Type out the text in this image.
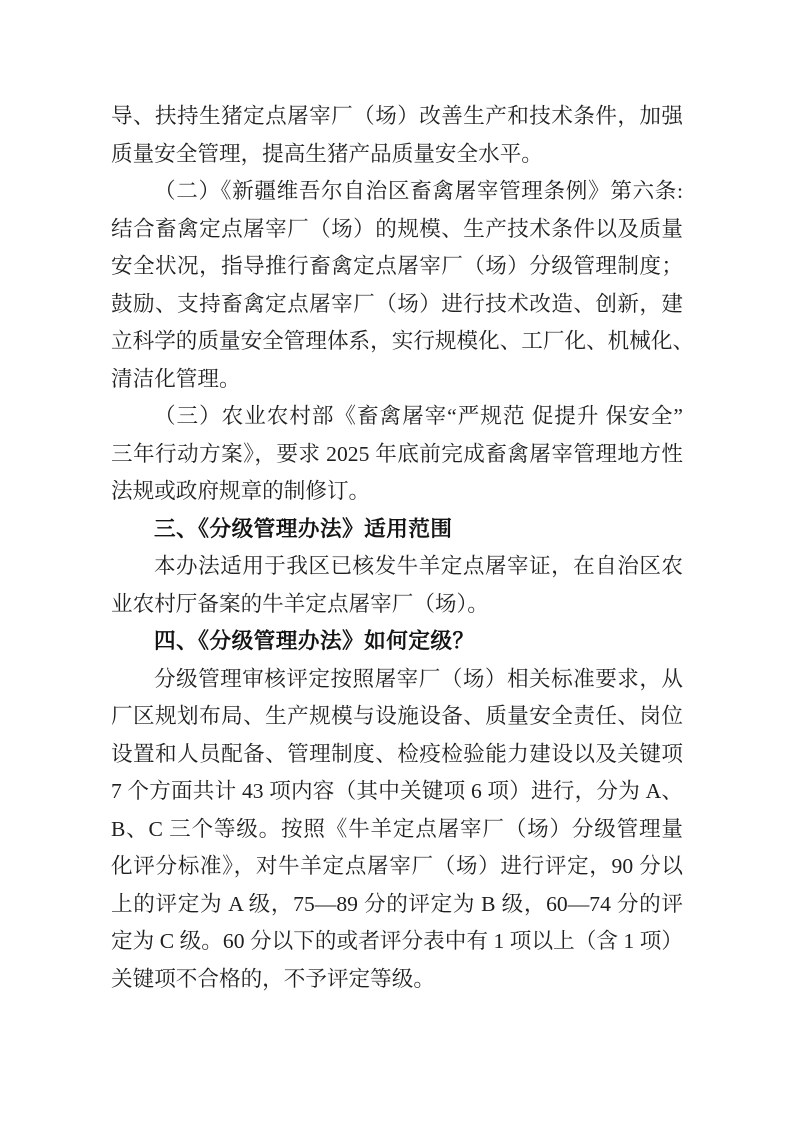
导、扶持生猪定点屠宰厂（场）改善生产和技术条件，加强
质量安全管理，提高生猪产品质量安全水平。
（二）《新疆维吾尔自治区畜禽屠宰管理条例》第六条:
结合畜禽定点屠宰厂（场）的规模、生产技术条件以及质量
安全状况，指导推行畜禽定点屠宰厂（场）分级管理制度；
鼓励、支持畜禽定点屠宰厂（场）进行技术改造、创新，建
立科学的质量安全管理体系，实行规模化、工厂化、机械化、
清洁化管理。
（三）农业农村部《畜禽屠宰“严规范 促提升 保安全”
三年行动方案》，要求 2025 年底前完成畜禽屠宰管理地方性
法规或政府规章的制修订。
三、《分级管理办法》适用范围
本办法适用于我区已核发牛羊定点屠宰证，在自治区农
业农村厅备案的牛羊定点屠宰厂（场）。
四、《分级管理办法》如何定级？
分级管理审核评定按照屠宰厂（场）相关标准要求，从
厂区规划布局、生产规模与设施设备、质量安全责任、岗位
设置和人员配备、管理制度、检疫检验能力建设以及关键项
7 个方面共计 43 项内容（其中关键项 6 项）进行，分为 A、
B、C 三个等级。按照《牛羊定点屠宰厂（场）分级管理量
化评分标准》，对牛羊定点屠宰厂（场）进行评定，90 分以
上的评定为 A 级，75—89 分的评定为 B 级，60—74 分的评
定为 C 级。60 分以下的或者评分表中有 1 项以上（含 1 项）
关键项不合格的，不予评定等级。
